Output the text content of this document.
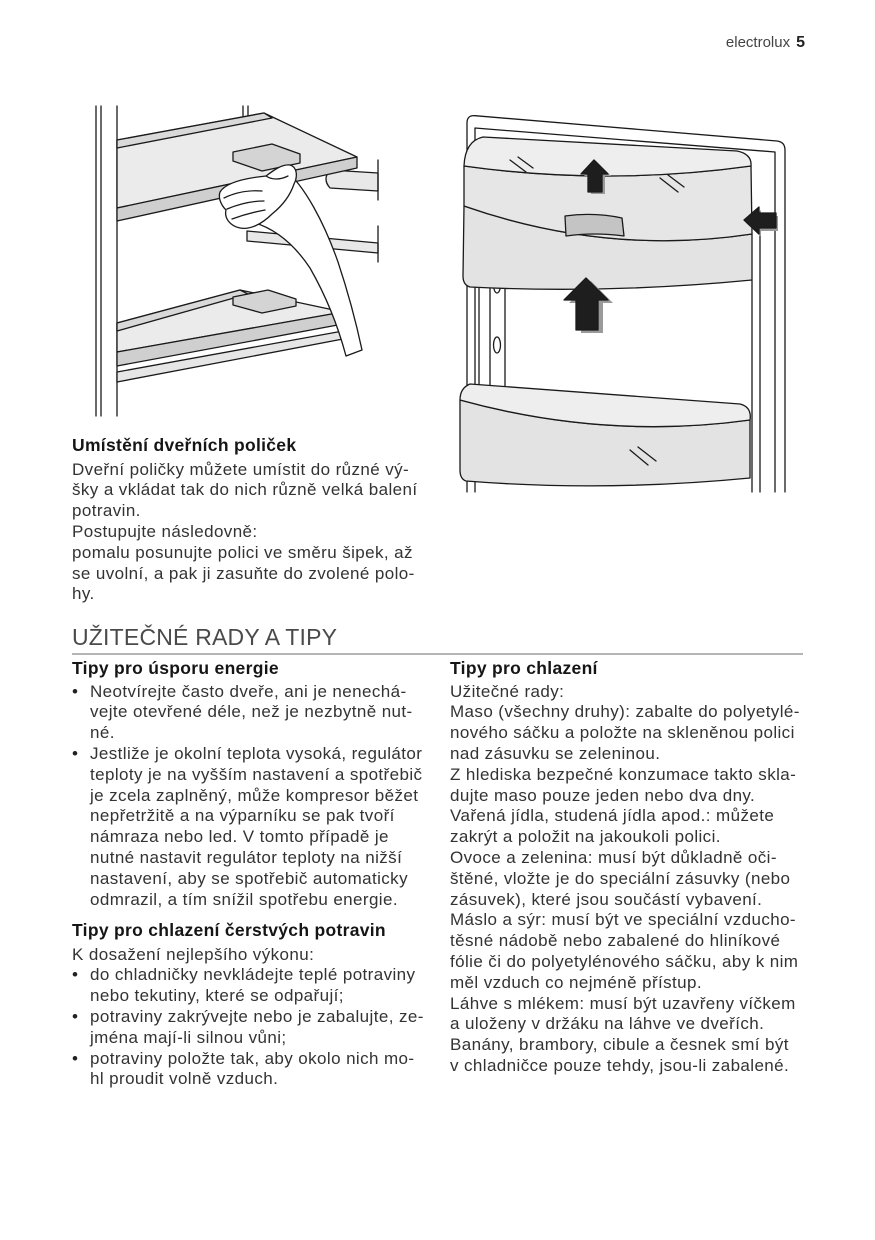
electrolux 5
Umístění dveřních poliček
Dveřní poličky můžete umístit do různé vý-
šky a vkládat tak do nich různě velká balení
potravin.
Postupujte následovně:
pomalu posunujte polici ve směru šipek, až
se uvolní, a pak ji zasuňte do zvolené polo-
hy.
UŽITEČNÉ RADY A TIPY
Tipy pro úsporu energie
• Neotvírejte často dveře, ani je nenechá-
vejte otevřené déle, než je nezbytně nut-
né.
• Jestliže je okolní teplota vysoká, regulátor
teploty je na vyšším nastavení a spotřebič
je zcela zaplněný, může kompresor běžet
nepřetržitě a na výparníku se pak tvoří
námraza nebo led. V tomto případě je
nutné nastavit regulátor teploty na nižší
nastavení, aby se spotřebič automaticky
odmrazil, a tím snížil spotřebu energie.
Tipy pro chlazení čerstvých potravin
K dosažení nejlepšího výkonu:
• do chladničky nevkládejte teplé potraviny
nebo tekutiny, které se odpařují;
• potraviny zakrývejte nebo je zabalujte, ze-
jména mají-li silnou vůni;
• potraviny položte tak, aby okolo nich mo-
hl proudit volně vzduch.
Tipy pro chlazení
Užitečné rady:
Maso (všechny druhy): zabalte do polyetylé-
nového sáčku a položte na skleněnou polici
nad zásuvku se zeleninou.
Z hlediska bezpečné konzumace takto skla-
dujte maso pouze jeden nebo dva dny.
Vařená jídla, studená jídla apod.: můžete
zakrýt a položit na jakoukoli polici.
Ovoce a zelenina: musí být důkladně oči-
štěné, vložte je do speciální zásuvky (nebo
zásuvek), které jsou součástí vybavení.
Máslo a sýr: musí být ve speciální vzducho-
těsné nádobě nebo zabalené do hliníkové
fólie či do polyetylénového sáčku, aby k nim
měl vzduch co nejméně přístup.
Láhve s mlékem: musí být uzavřeny víčkem
a uloženy v držáku na láhve ve dveřích.
Banány, brambory, cibule a česnek smí být
v chladničce pouze tehdy, jsou-li zabalené.
